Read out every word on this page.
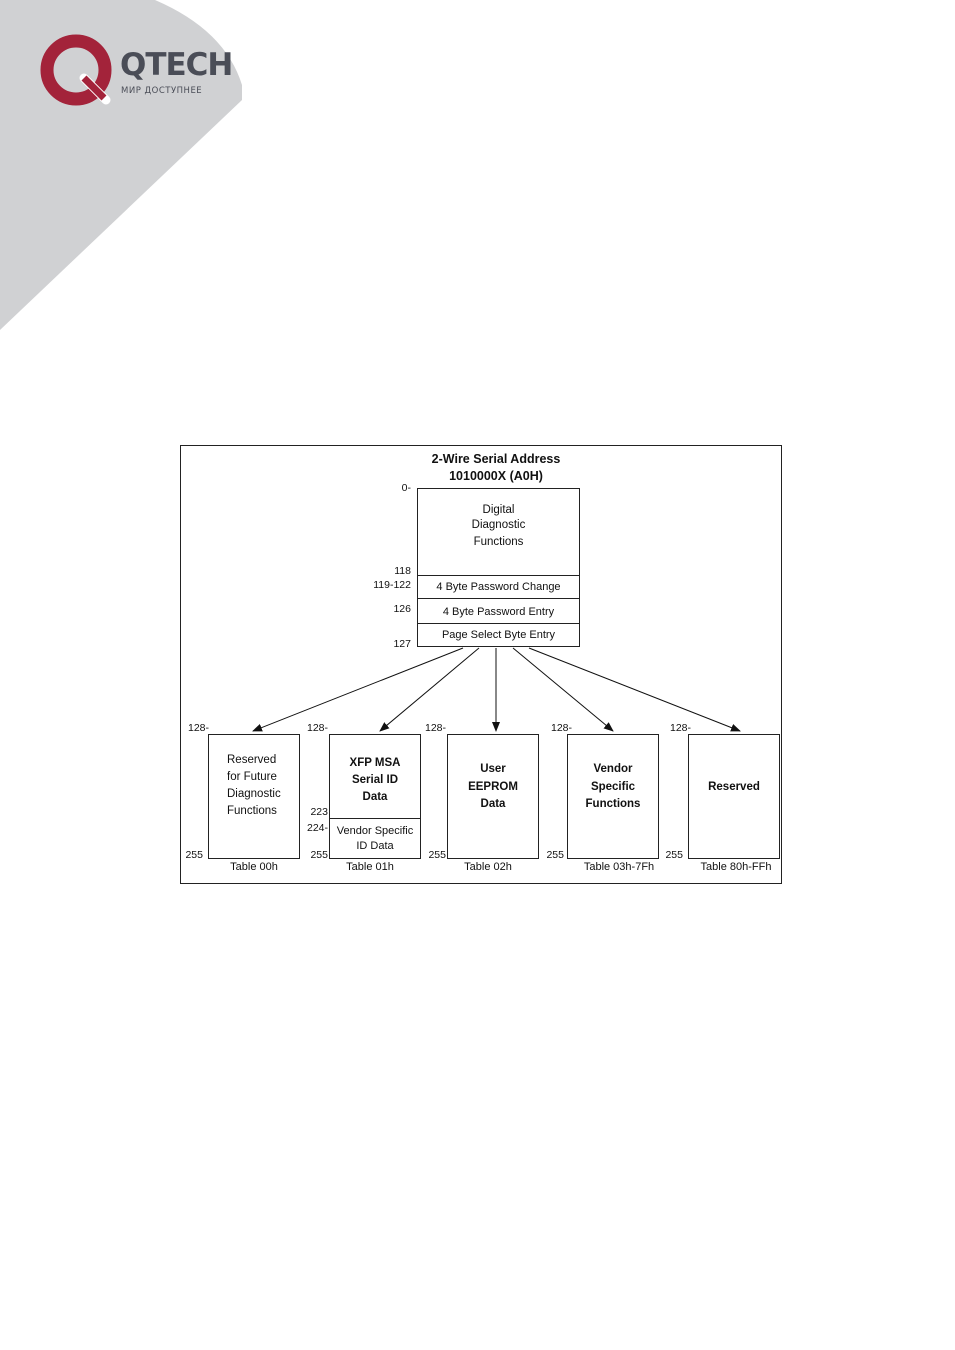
QTECH
МИР ДОСТУПНЕЕ
2-Wire Serial Address
1010000X (A0H)
0-
118
119-122
126
127
Digital
Diagnostic
Functions
4 Byte Password Change
4 Byte Password Entry
Page Select Byte Entry
128-
255
Reserved
for Future
Diagnostic
Functions
Table 00h
128-
223
224-
255
XFP MSA
Serial ID
Data
Vendor Specific
ID Data
Table 01h
128-
255
User
EEPROM
Data
Table 02h
128-
255
Vendor
Specific
Functions
Table 03h-7Fh
128-
255
Reserved
Table 80h-FFh
